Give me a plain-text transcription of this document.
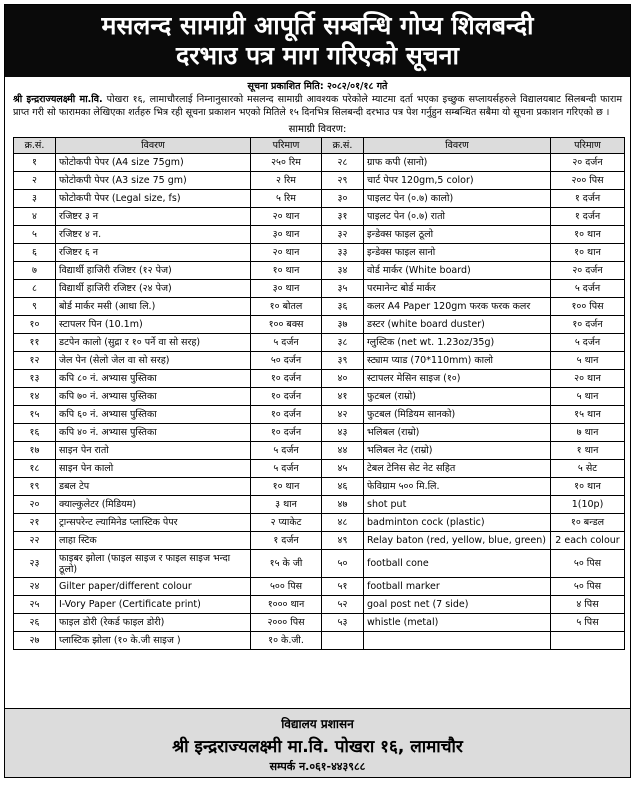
मसलन्द सामाग्री आपूर्ति सम्बन्धि गोप्य शिलबन्दी
दरभाउ पत्र माग गरिएको सूचना
सूचना प्रकाशित मिति: २०८२/०१/१८ गते
श्री इन्द्रराज्यलक्ष्मी मा.वि. पोखरा १६, लामाचौरलाई निम्नानुसारको मसलन्द सामाग्री आवश्यक परेकोले म्याटमा दर्ता भएका इच्छुक सप्लायर्सहरुले विद्यालयबाट सिलबन्दी फाराम प्राप्त गरी सो फारामका लेखिएका शर्तहरु भित्र रही सूचना प्रकाशन भएको मितिले १५ दिनभित्र सिलबन्दी दरभाउ पत्र पेश गर्नुहुन सम्बन्धित सबैमा यो सूचना प्रकाशन गरिएको छ ।
सामाग्री विवरण:
क्र.सं.	विवरण	परिमाण	क्र.सं.	विवरण	परिमाण
१	फोटोकपी पेपर (A4 size 75gm)	२५० रिम	२८	ग्राफ कपी (सानो)	२० दर्जन
२	फोटोकपी पेपर (A3 size 75 gm)	२ रिम	२९	चार्ट पेपर 120gm,5 color)	२०० पिस
३	फोटोकपी पेपर (Legal size, fs)	५ रिम	३०	पाइलट पेन (०.७) कालो)	१ दर्जन
४	रजिष्टर ३ न	२० थान	३१	पाइलट पेन (०.७) रातो	१ दर्जन
५	रजिष्टर ४ न.	३० थान	३२	इन्डेक्स फाइल ठूलो	१० थान
६	रजिष्टर ६ न	२० थान	३३	इन्डेक्स फाइल सानो	१० थान
७	विद्यार्थी हाजिरी रजिष्टर (१२ पेज)	१० थान	३४	वोर्ड मार्कर (White board)	२० दर्जन
८	विद्यार्थी हाजिरी रजिष्टर (२४ पेज)	३० थान	३५	परमानेन्ट बोर्ड मार्कर	५ दर्जन
९	बोर्ड मार्कर मसी (आधा लि.)	१० बोतल	३६	कलर A4 Paper 120gm फरक फरक कलर	१०० पिस
१०	स्टापलर पिन (10.1m)	१०० बक्स	३७	डस्टर (white board duster)	१० दर्जन
११	डटपेन कालो (सुद्रा र १० पर्ने वा सो सरह)	५ दर्जन	३८	ग्लुस्टिक (net wt. 1.23oz/35g)	५ दर्जन
१२	जेल पेन (सेलो जेल वा सो सरह)	५० दर्जन	३९	स्ट्याम प्याड (70*110mm) कालो	५ थान
१३	कपि ८० नं. अभ्यास पुस्तिका	१० दर्जन	४०	स्टापलर मेसिन साइज (१०)	२० थान
१४	कपि ७० नं. अभ्यास पुस्तिका	१० दर्जन	४१	फुटबल (राम्रो)	५ थान
१५	कपि ६० नं. अभ्यास पुस्तिका	१० दर्जन	४२	फुटबल (मिडियम सानको)	१५ थान
१६	कपि ४० नं. अभ्यास पुस्तिका	१० दर्जन	४३	भलिबल (राम्रो)	७ थान
१७	साइन पेन रातो	५ दर्जन	४४	भलिबल नेट (राम्रो)	१ थान
१८	साइन पेन कालो	५ दर्जन	४५	टेबल टेनिस सेट नेट सहित	५ सेट
१९	डबल टेप	१० थान	४६	फेविग्राम ५०० मि.लि.	१० थान
२०	क्याल्कुलेटर (मिडियम)	३ थान	४७	shot put	1(10p)
२१	ट्रान्सपरेन्ट ल्यामिनेड प्लास्टिक पेपर	२ प्याकेट	४८	badminton cock (plastic)	१० बन्डल
२२	लाहा स्टिक	१ दर्जन	४९	Relay baton (red, yellow, blue, green)	2 each colour
२३	फाइबर झोला (फाइल साइज र फाइल साइज भन्दा ठूलो)	१५ के जी	५०	football cone	५० पिस
२४	Gilter paper/different colour	५०० पिस	५१	football marker	५० पिस
२५	I-Vory Paper (Certificate print)	१००० थान	५२	goal post net (7 side)	४ पिस
२६	फाइल डोरी (रेकर्ड फाइल डोरी)	२००० पिस	५३	whistle (metal)	५ पिस
२७	प्लास्टिक झोला (१० के.जी साइज )	१० के.जी.			
विद्यालय प्रशासन
श्री इन्द्रराज्यलक्ष्मी मा.वि. पोखरा १६, लामाचौर
सम्पर्क न.०६१-४४३९८८
